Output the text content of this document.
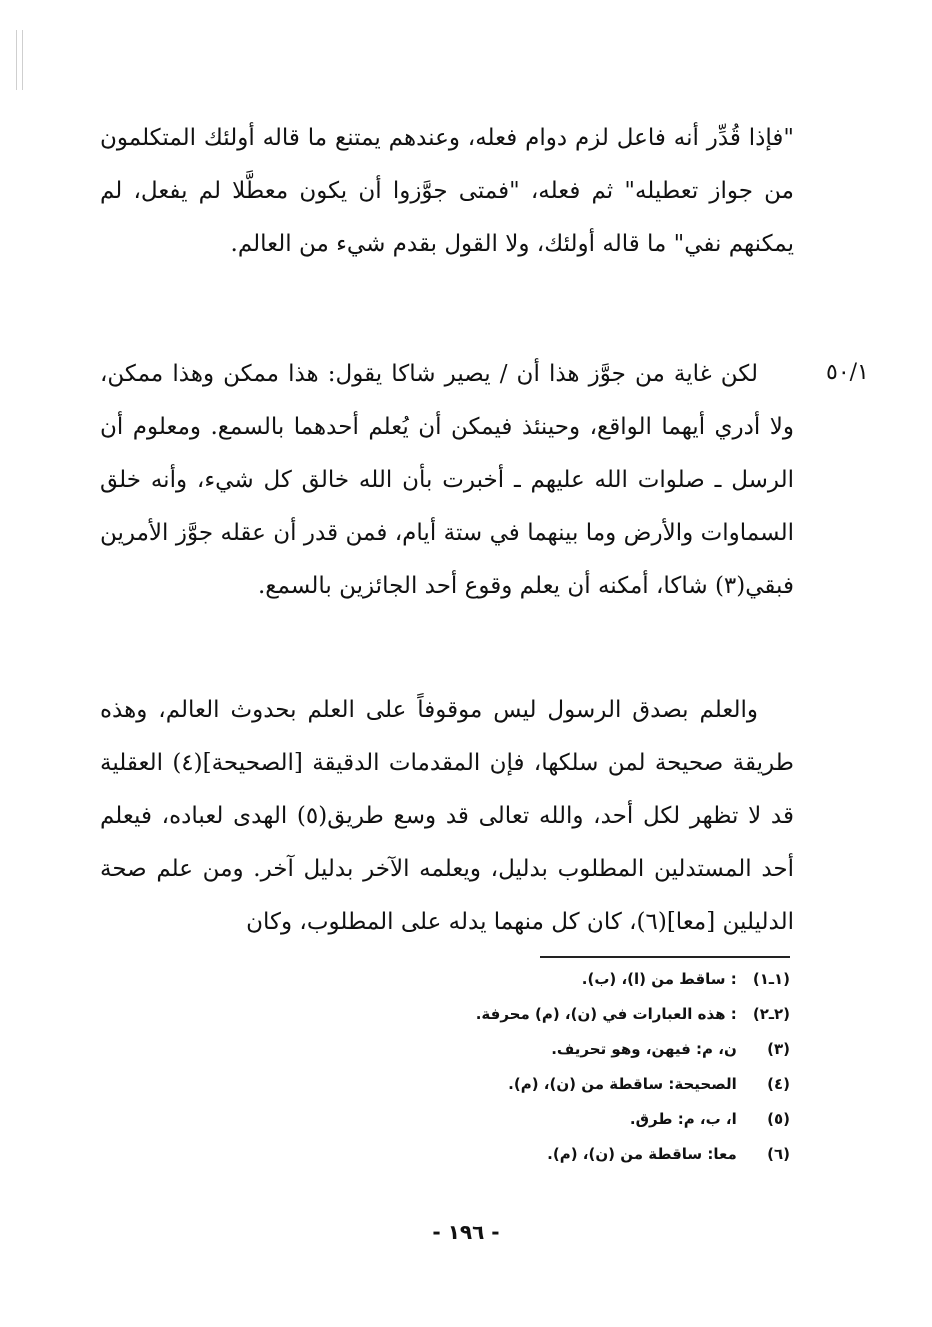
٥٠/١

"فإذا قُدِّر أنه فاعل لزم دوام فعله، وعندهم يمتنع ما قاله أولئك المتكلمون من جواز تعطيله" ثم فعله، "فمتى جوَّزوا أن يكون معطَّلا لم يفعل، لم يمكنهم نفي" ما قاله أولئك، ولا القول بقدم شيء من العالم.

لكن غاية من جوَّز هذا أن / يصير شاكا يقول: هذا ممكن وهذا ممكن، ولا أدري أيهما الواقع، وحينئذ فيمكن أن يُعلم أحدهما بالسمع. ومعلوم أن الرسل ـ صلوات الله عليهم ـ أخبرت بأن الله خالق كل شيء، وأنه خلق السماوات والأرض وما بينهما في ستة أيام، فمن قدر أن عقله جوَّز الأمرين فبقي(٣) شاكا، أمكنه أن يعلم وقوع أحد الجائزين بالسمع.

والعلم بصدق الرسول ليس موقوفاً على العلم بحدوث العالم، وهذه طريقة صحيحة لمن سلكها، فإن المقدمات الدقيقة [الصحيحة](٤) العقلية قد لا تظهر لكل أحد، والله تعالى قد وسع طريق(٥) الهدى لعباده، فيعلم أحد المستدلين المطلوب بدليل، ويعلمه الآخر بدليل آخر. ومن علم صحة الدليلين [معا](٦)، كان كل منهما يدله على المطلوب، وكان

(١ـ١) : ساقط من (ا)، (ب).
(٢ـ٢) : هذه العبارات في (ن)، (م) محرفة.
(٣) ن، م: فيهن، وهو تحريف.
(٤) الصحيحة: ساقطة من (ن)، (م).
(٥) ا، ب، م: طرق.
(٦) معا: ساقطة من (ن)، (م).
- ١٩٦ -
